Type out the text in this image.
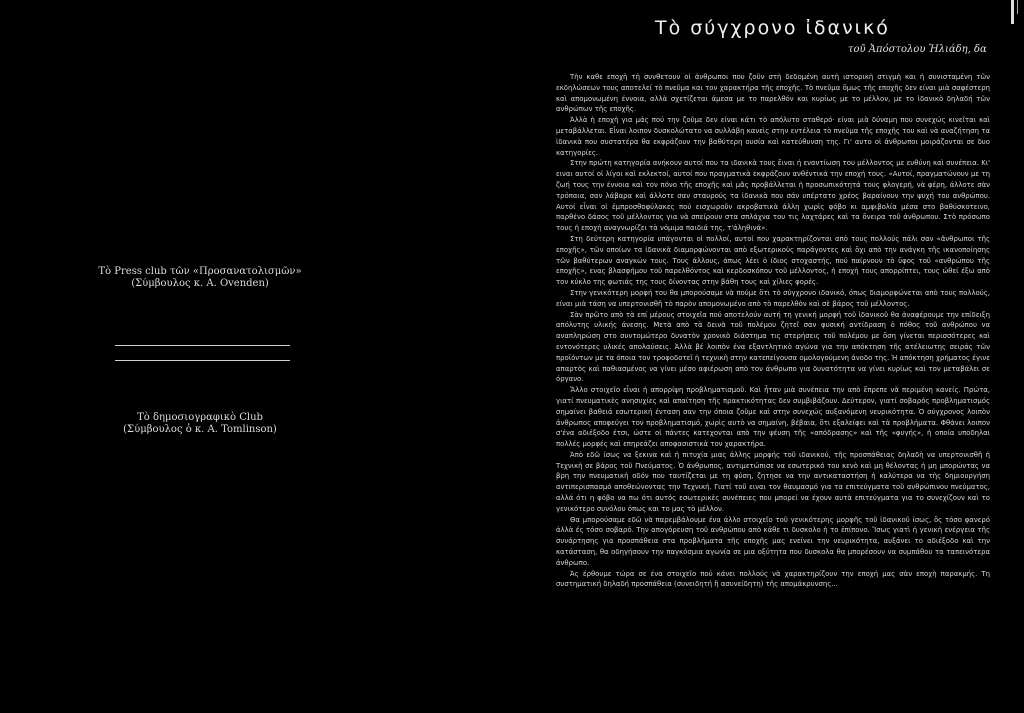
Τὸ Press club τῶν «Προσανατολισμῶν»
(Σύμβουλος κ. Α. Ovenden)
Τὸ δημοσιογραφικὸ Club
(Σύμβουλος ὁ κ. Α. Tomlinson)
Τὸ σύγχρονο ἰδανικό
τοῦ Ἀπόστολου Ἠλιάδη, δα

Τὴν καθε εποχὴ τὴ συνθετουν οἱ ἀνθρωποι που ζοῦν στὴ δεδομένη αυτὴ ιστορικὴ στιγμὴ και ἡ συνισταμένη τῶν εκδηλώσεων τους αποτελεί τὸ πνεῦμα και τον χαρακτήρα τῆς εποχῆς. Τὸ πνεῦμα ὅμως τῆς εποχῆς δεν είναι μιὰ σαφέστερη καὶ απομονωμένη έννοια, αλλὰ σχετίζεται άμεσα με το παρελθόν και κυρίως με το μέλλον, με το ἰδανικὸ δηλαδή τῶν ανθρώπων τῆς εποχῆς.

Ἀλλὰ ἡ εποχὴ για μάς πού την ζοῦμε δεν είναι κάτι τὸ απόλυτο σταθερό· είναι μιὰ δύναμη που συνεχώς κινεῖται καὶ μεταβάλλεται. Εἶναι λοιπον δυσκολώτατο να συλλάβη κανεὶς στην εντέλεια τὸ πνεῦμα τῆς εποχῆς του καὶ νὰ αναζήτηση τα ἰδανικὰ που συστατέρα θα εκφράζουν την βαθύτερη ουσία καὶ κατεύθυνση της. Γι' αυτο οἱ άνθρωποι μοιράζονται σε δυο κατηγορίες.

Στην πρώτη κατηγορία ανήκουν αυτοί που τα ιδανικὰ τους ἔιναι ή εναντίωση του μέλλοντος με ευθύνη καὶ συνέπεια. Κι' ειναι αυτοί οἱ λίγοι καὶ εκλεκτοί, αυτοί που πραγματικὰ εκφράζουν ανθέντικά την εποχή τους. «Αυτοί, πραγματώνουν με τη ζωή τους την έννοια καὶ τον πόνο τῆς εποχῆς καὶ μᾶς προβάλλεται ἡ προσωπικότητά τους φλογερή, νὰ φέρη, άλλοτε σὰν τρόπαια, σαν λάβαρα καὶ άλλοτε σαν σταυρούς τα ἰδανικὰ που σάν υπέρτατο χρέος βαραίνουν την ψυχή του ανθρώπου. Αυτοί εἶναι οἱ ἐμπροσθοφύλακες πού εισχωροῦν ακροβατικὰ άλλη χωρὶς φόβο κι αμφιβολία μέσα στο βαθύσκοτεινο, παρθένο δάσος τοῦ μέλλοντος για νὰ σπείρουν στα σπλάχνα του τις λαχτάρες καὶ τα ὄνειρα τοῦ άνθρωπου. Στὸ πρόσωπο τους ἡ εποχὴ αναγνωρίζει τὰ νόμιμα παιδιά της, τ'άληθινά».

Στη δεύτερη κατηγορία υπάγονται οἱ πολλοί, αυτοί που χαρακτηρίζονται απὸ τους πολλούς πάλι σαν «ἄνθρωποι τῆς εποχῆς», τῶν οποίων τα ἰδανικὰ διαμορφώνονται απὸ εξωτερικοὺς παράγοντες καὶ ὄχι απὸ την ανάγκη τῆς ικανοποίησης τῶν βαθύτερων αναγκών τους. Τους άλλους, άπως λέει ὁ ίδιος στοχαστής, πού παίρνουν τὸ ὕφος τοῦ «ανθρώπου τῆς εποχῆς», ενας βλασφήμου τοῦ παρελθόντος καὶ κερδοσκόπου τοῦ μέλλοντος, ἡ εποχὴ τους απορρίπτει, τους ώθεί έξω απὸ τον κύκλο της φωτιάς της τους δίνοντας στην βάθη τους καὶ χίλιες φορές.

Στην γενικότερη μορφή του θα μπορούσαμε νὰ πούμε ὅτι τὸ σύγχρονο ιδανικό, όπως διαμορφώνεται απὸ τους πολλούς, είναι μιὰ τάση να υπερτονισθῆ τὸ παρὸν απομονωμένο απὸ τὸ παρελθὸν καὶ σὲ βάρος τοῦ μέλλοντος.

Σὰν πρῶτο απὸ τὰ επί μέρους στοιχεῖα πού αποτελούν αυτή τη γενική μορφή τοῦ ἰδανικοῦ θα ἀναφέρουμε την επίδειξη απόλυτης υλικής άνεσης. Μετὰ απὸ τὰ δεινὰ τοῦ πολέμου ζητεῖ σαν φυσική αντίδραση ὁ πόθος τοῦ ανθρώπου να αναπληρώση στο συντομώτερο δυνατὸν χρονικὸ διάστημα τις στερήσεις τοῦ πολέμου με ὅση γίνεται περισσότερες καὶ εντονότερες υλικές απολαύσεις. Ἀλλὰ βέ λοιπὸν ένα εξαντλητικὸ αγώνα για την απόκτηση τῆς ατέλειωτης σειράς τῶν προϊόντων με τα όποια τον τροφοδοτεῖ ἡ τεχνικὴ στην κατεπείγουσα ομολογούμενη άνοδο της. Ἡ απόκτηση χρήματος έγινε απαρτὸς καὶ παθιασμένος να γίνει μέσο αφιέρωση απὸ τον άνθρωπο για δυνατότητα να γίνει κυρίως καὶ τον μεταβάλει σε όργανο.

Ἄλλο στοιχεῖο εἶναι ἡ απορρίψη προβληματισμοῦ. Καὶ ἦταν μιὰ συνέπεια την απὸ ἔπρεπε νὰ περιμένη κανείς. Πρώτα, γιατί πνευματικὲς ανησυχίες καὶ απαίτηση τῆς πρακτικότητας δεν συμβιβάζουν. Δεύτερον, γιατί σοβαρός προβληματισμός σημαίνει βαθειά εσωτερική ένταση σαν την όποια ζοῦμε καὶ στην συνεχώς αυξανόμενη νευρικότητα. Ὁ σύγχρονος λοιπὸν άνθρωπος αποφεύγει τον προβληματισμό, χωρὶς αυτὸ να σημαίνη, βέβαια, ὅτι εξαλείφει καὶ τὰ προβλήματα. Φθάνει λοιπον σ'ένα αδιέξοδο έτσι, ώστε οἱ πάντες κατεχονται απὸ την ψέυση τῆς «απόδρασης» καὶ τῆς «φυγής», ἡ οποία υποδηλαι πολλές μορφές καὶ επηρεάζει αποφασιστικὰ τον χαρακτήρα.

Ἀπὸ εδῶ ίσως να ξεκινα καὶ ἡ πιτυχία μιας άλλης μορφής τοῦ ιδανικού, τῆς προσπάθειας δηλαδὴ να υπερτονισθῆ ἡ Τεχνικὴ σε βάρος τοῦ Πνεύματος. Ὁ άνθρωπος, αντιμετώπισε να εσωτερικό του κενὸ καὶ μη θέλοντας ἡ μη μπορώντας να βρη την πνευματικὴ οδόν που ταυτίζεται με τη φύση, ζητησε να την αντικαταστήση ἡ καλύτερα να τὴς δημιουργήση αντιπερισπασμό αποθεώνοντας την Τεχνική. Γιατί τοῦ ειναι τον θαυμασμό για τα επιτεύγματα τοῦ ανθρώπινου πνεύματος, αλλά ότι η φόβο να πω ότι αυτός εσωτερικὲς συνέπειες που μπορεί να έχουν αυτὰ επιτεύγματα για το συνεχίζουν καὶ το γενικότερο συνόλου όπως και το μας τὸ μέλλον.

Θα μπορούσαμε εδῶ νὰ παρεμβάλουμε ένα άλλο στοιχεῖο τοῦ γενικότερης μορφῆς τοῦ ἰδανικοῦ ίσως, ὅς τόσο φανερό άλλὰ ές τόσο σοβαρό. Την απογόρευση τοῦ ανθρώπου απὸ κάθε τι δυσκολο ἡ το ἐπίπονο. Ἴσως γιατὶ ἡ γενικὴ ενέργεια τῆς συνάρτησης για προσπάθεια στα προβλήματα τῆς εποχῆς μας ενείνει την νευρικότητα, αυξάνει το αδιέξοδο καὶ την κατάσταση, θα οδηγήσουν την παγκόσμια αγωνία σε μια οξύτητα που δυσκολα θα μπορέσουν να συμπάθου τα ταπεινότερα άνθρωπο.

Ἀς έρθουμε τώρα σε ένα στοιχεῖο πού κάνει πολλούς νὰ χαρακτηρίζουν την εποχή μας σὰν εποχὴ παρακμής. Τη συστηματική δηλαδή προσπάθεια (συνειδητή ἢ ασυνείδητη) τῆς απομάκρυνσης...
